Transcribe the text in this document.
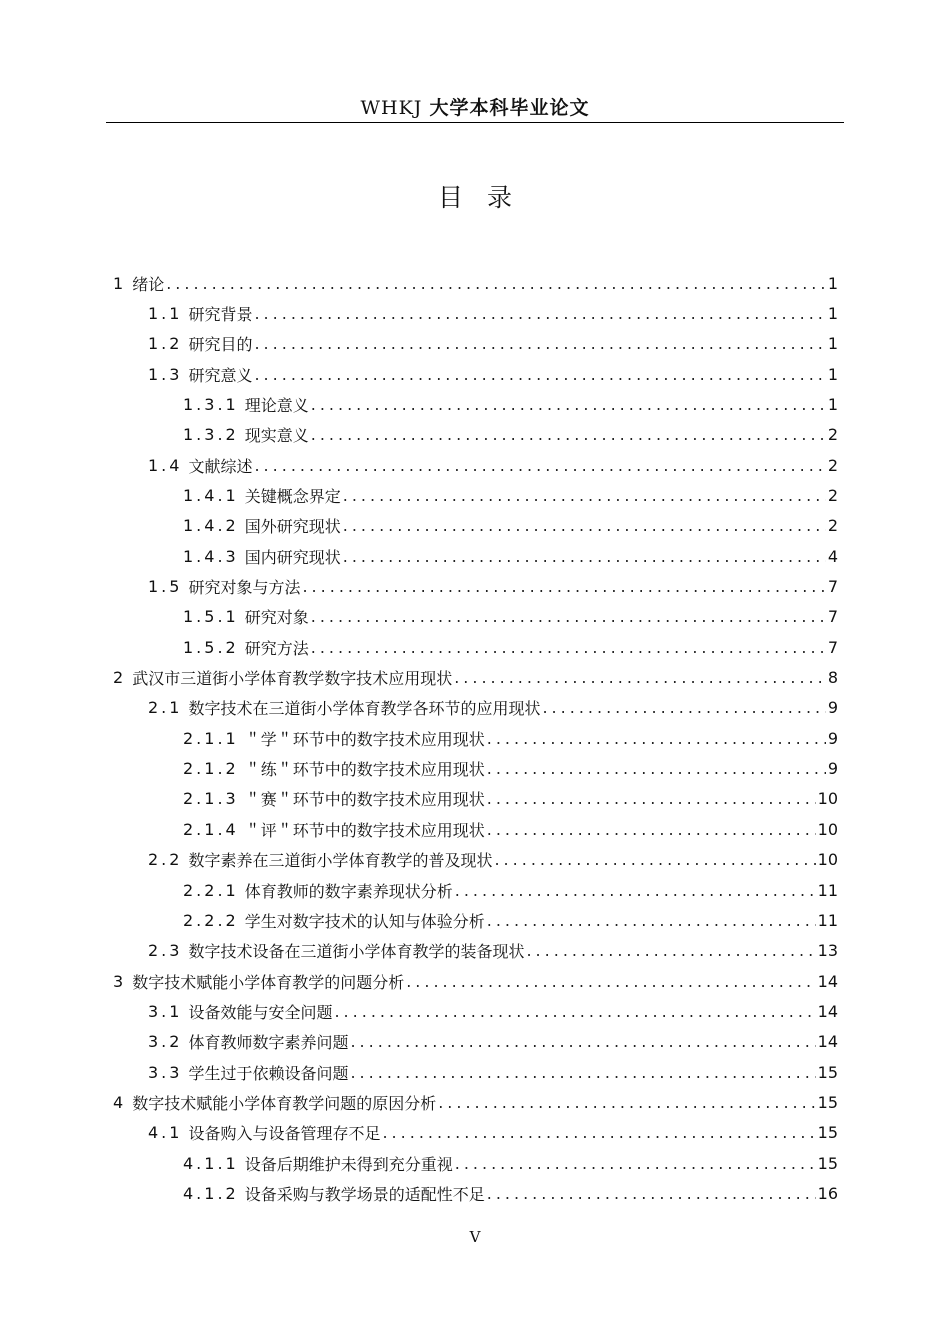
WHKJ 大学本科毕业论文
目录
1 绪论 .....	1
1.1 研究背景 .....	1
1.2 研究目的 .....	1
1.3 研究意义 .....	1
1.3.1 理论意义 .....	1
1.3.2 现实意义 .....	2
1.4 文献综述 .....	2
1.4.1 关键概念界定 .....	2
1.4.2 国外研究现状 .....	2
1.4.3 国内研究现状 .....	4
1.5 研究对象与方法 .....	7
1.5.1 研究对象 .....	7
1.5.2 研究方法 .....	7
2 武汉市三道街小学体育教学数字技术应用现状 .....	8
2.1 数字技术在三道街小学体育教学各环节的应用现状 .....	9
2.1.1 ＂学＂环节中的数字技术应用现状 .....	9
2.1.2 ＂练＂环节中的数字技术应用现状 .....	9
2.1.3 ＂赛＂环节中的数字技术应用现状 .....	10
2.1.4 ＂评＂环节中的数字技术应用现状 .....	10
2.2 数字素养在三道街小学体育教学的普及现状 .....	10
2.2.1 体育教师的数字素养现状分析 .....	11
2.2.2 学生对数字技术的认知与体验分析 .....	11
2.3 数字技术设备在三道街小学体育教学的装备现状 .....	13
3 数字技术赋能小学体育教学的问题分析 .....	14
3.1 设备效能与安全问题 .....	14
3.2 体育教师数字素养问题 .....	14
3.3 学生过于依赖设备问题 .....	15
4 数字技术赋能小学体育教学问题的原因分析 .....	15
4.1 设备购入与设备管理存不足 .....	15
4.1.1 设备后期维护未得到充分重视 .....	15
4.1.2 设备采购与教学场景的适配性不足 .....	16
V
